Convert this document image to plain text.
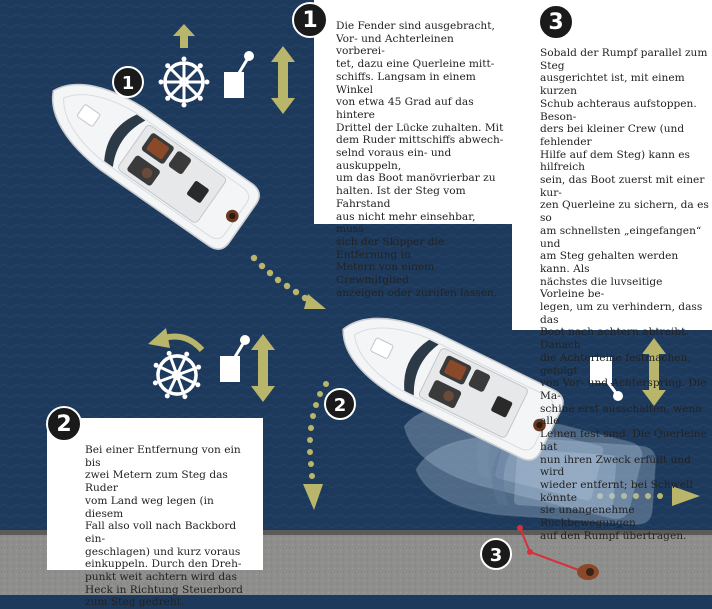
Die Fender sind ausgebracht,
Vor- und Achterleinen vorberei-
tet, dazu eine Querleine mitt-
schiffs. Langsam in einem Winkel
von etwa 45 Grad auf das hintere
Drittel der Lücke zuhalten. Mit
dem Ruder mittschiffs abwech-
selnd voraus ein- und auskuppeln,
um das Boot manövrierbar zu
halten. Ist der Steg vom Fahrstand
aus nicht mehr einsehbar, muss
sich der Skipper die Entfernung in
Metern von einem Crewmitglied
anzeigen oder zurufen lassen.

Sobald der Rumpf parallel zum Steg
ausgerichtet ist, mit einem kurzen
Schub achteraus aufstoppen. Beson-
ders bei kleiner Crew (und fehlender
Hilfe auf dem Steg) kann es hilfreich
sein, das Boot zuerst mit einer kur-
zen Querleine zu sichern, da es so
am schnellsten „eingefangen“ und
am Steg gehalten werden kann. Als
nächstes die luvseitige Vorleine be-
legen, um zu verhindern, dass das
Boot nach achtern abtreibt. Danach
die Achterleine festmachen, gefolgt
von Vor- und Achterspring. Die Ma-
schine erst ausschalten, wenn alle
Leinen fest sind. Die Querleine hat
nun ihren Zweck erfüllt und wird
wieder entfernt; bei Schwell könnte
sie unangenehme Ruckbewegungen
auf den Rumpf übertragen.

Bei einer Entfernung von ein bis
zwei Metern zum Steg das Ruder
vom Land weg legen (in diesem
Fall also voll nach Backbord ein-
geschlagen) und kurz voraus
einkuppeln. Durch den Dreh-
punkt weit achtern wird das
Heck in Richtung Steuerbord
zum Steg gedreht.

1	3
2
1
2
3
